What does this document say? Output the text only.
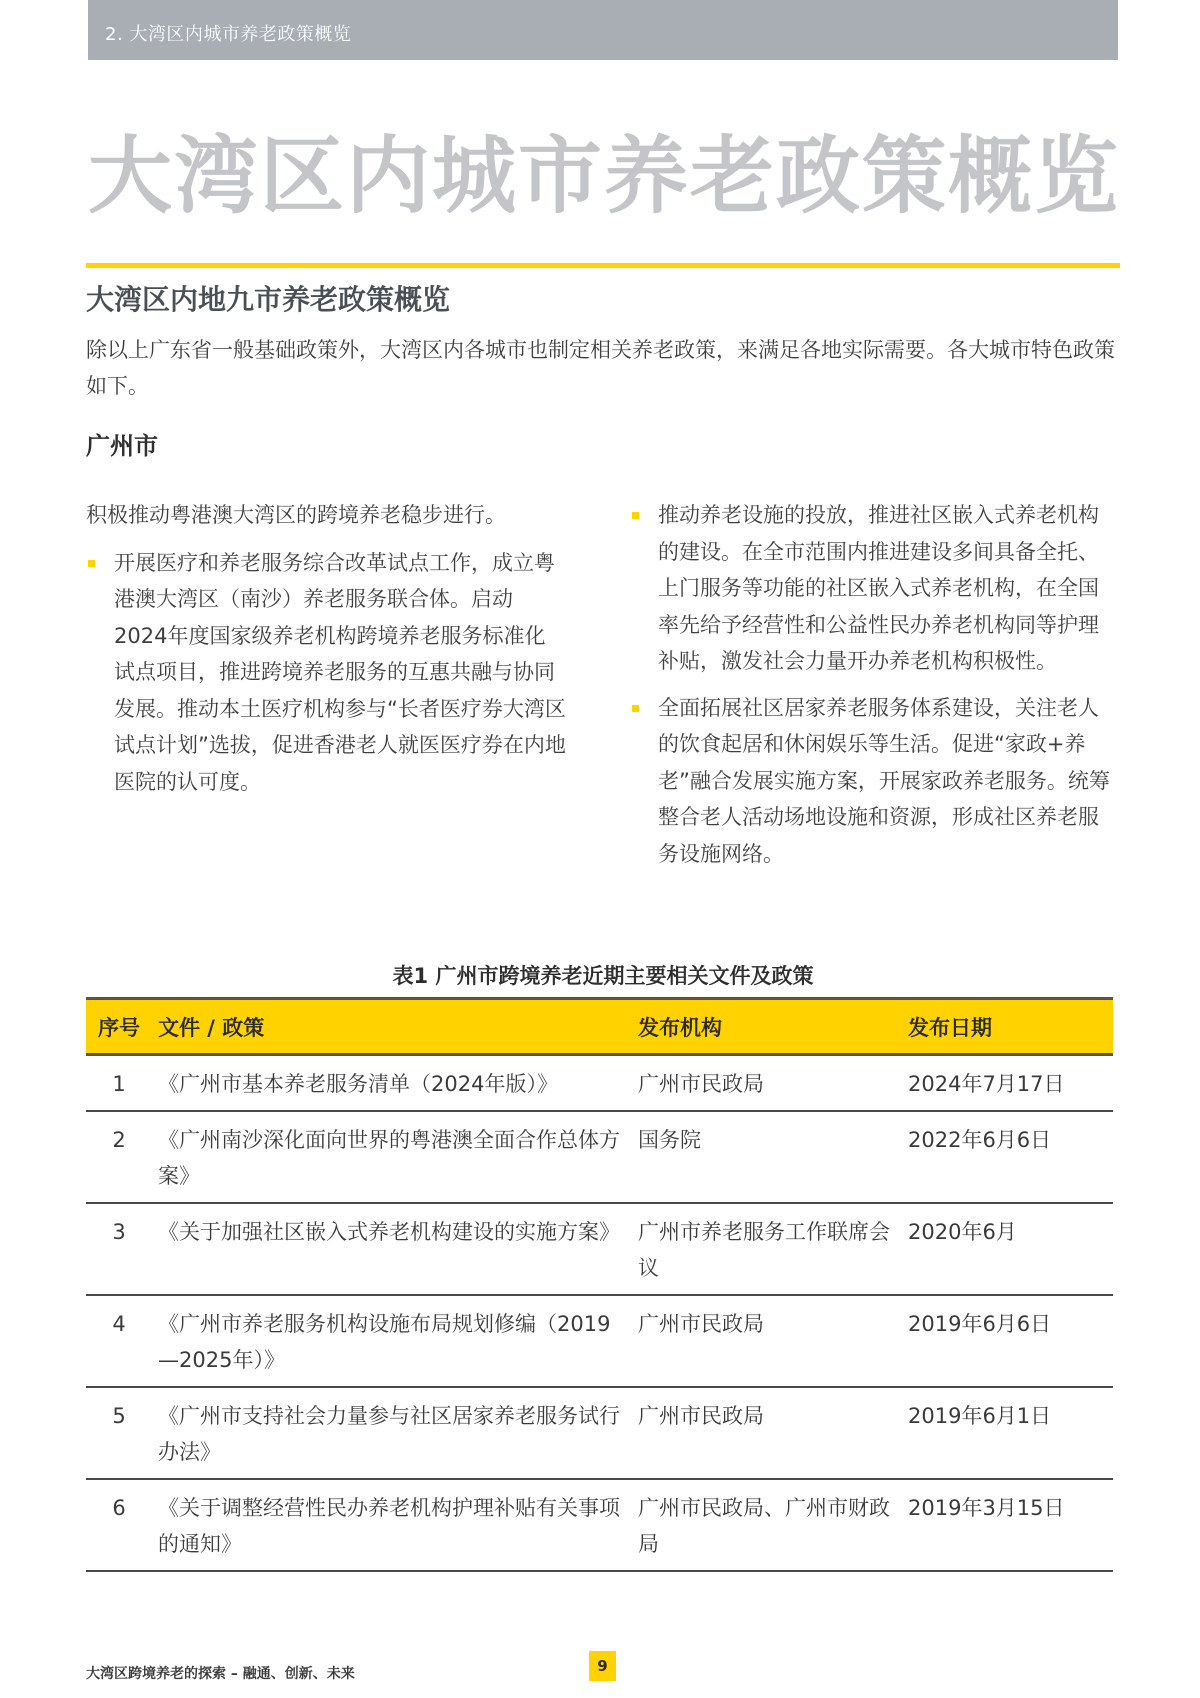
2. 大湾区内城市养老政策概览
大湾区内城市养老政策概览
大湾区内地九市养老政策概览

除以上广东省一般基础政策外，大湾区内各城市也制定相关养老政策，来满足各地实际需要。各大城市特色政策如下。

广州市

积极推动粤港澳大湾区的跨境养老稳步进行。

开展医疗和养老服务综合改革试点工作，成立粤港澳大湾区（南沙）养老服务联合体。启动2024年度国家级养老机构跨境养老服务标准化试点项目，推进跨境养老服务的互惠共融与协同发展。推动本土医疗机构参与“长者医疗券大湾区试点计划”选拔，促进香港老人就医医疗券在内地医院的认可度。
推动养老设施的投放，推进社区嵌入式养老机构的建设。在全市范围内推进建设多间具备全托、上门服务等功能的社区嵌入式养老机构，在全国率先给予经营性和公益性民办养老机构同等护理补贴，激发社会力量开办养老机构积极性。
全面拓展社区居家养老服务体系建设，关注老人的饮食起居和休闲娱乐等生活。促进“家政+养老”融合发展实施方案，开展家政养老服务。统筹整合老人活动场地设施和资源，形成社区养老服务设施网络。
表1 广州市跨境养老近期主要相关文件及政策
序号	文件 / 政策	发布机构	发布日期
1	《广州市基本养老服务清单（2024年版）》	广州市民政局	2024年7月17日
2	《广州南沙深化面向世界的粤港澳全面合作总体方案》	国务院	2022年6月6日
3	《关于加强社区嵌入式养老机构建设的实施方案》	广州市养老服务工作联席会议	2020年6月
4	《广州市养老服务机构设施布局规划修编（2019—2025年）》	广州市民政局	2019年6月6日
5	《广州市支持社会力量参与社区居家养老服务试行办法》	广州市民政局	2019年6月1日
6	《关于调整经营性民办养老机构护理补贴有关事项的通知》	广州市民政局、广州市财政局	2019年3月15日
大湾区跨境养老的探索 – 融通、创新、未来	9
